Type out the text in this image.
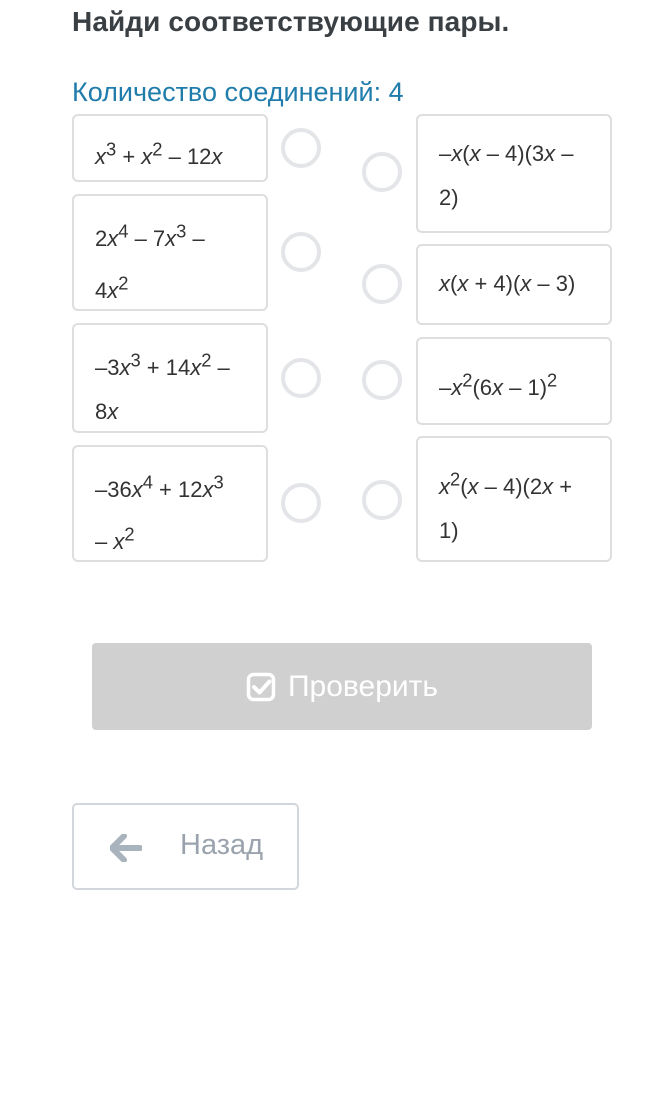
Найди соответствующие пары.
Количество соединений: 4
$x^3 + x^2 - 12x$
$2x^4 - 7x^3$ –
$4x^2$
$-3x^3 + 14x^2$ –
8x
$-36x^4 + 12x^3$
– $x^2$
–x(x – 4)(3x –
2)
x(x + 4)(x – 3)
$-x^2(6x - 1)^2$
$x^2(x - 4)(2x$ +
1)
Проверить
Назад
